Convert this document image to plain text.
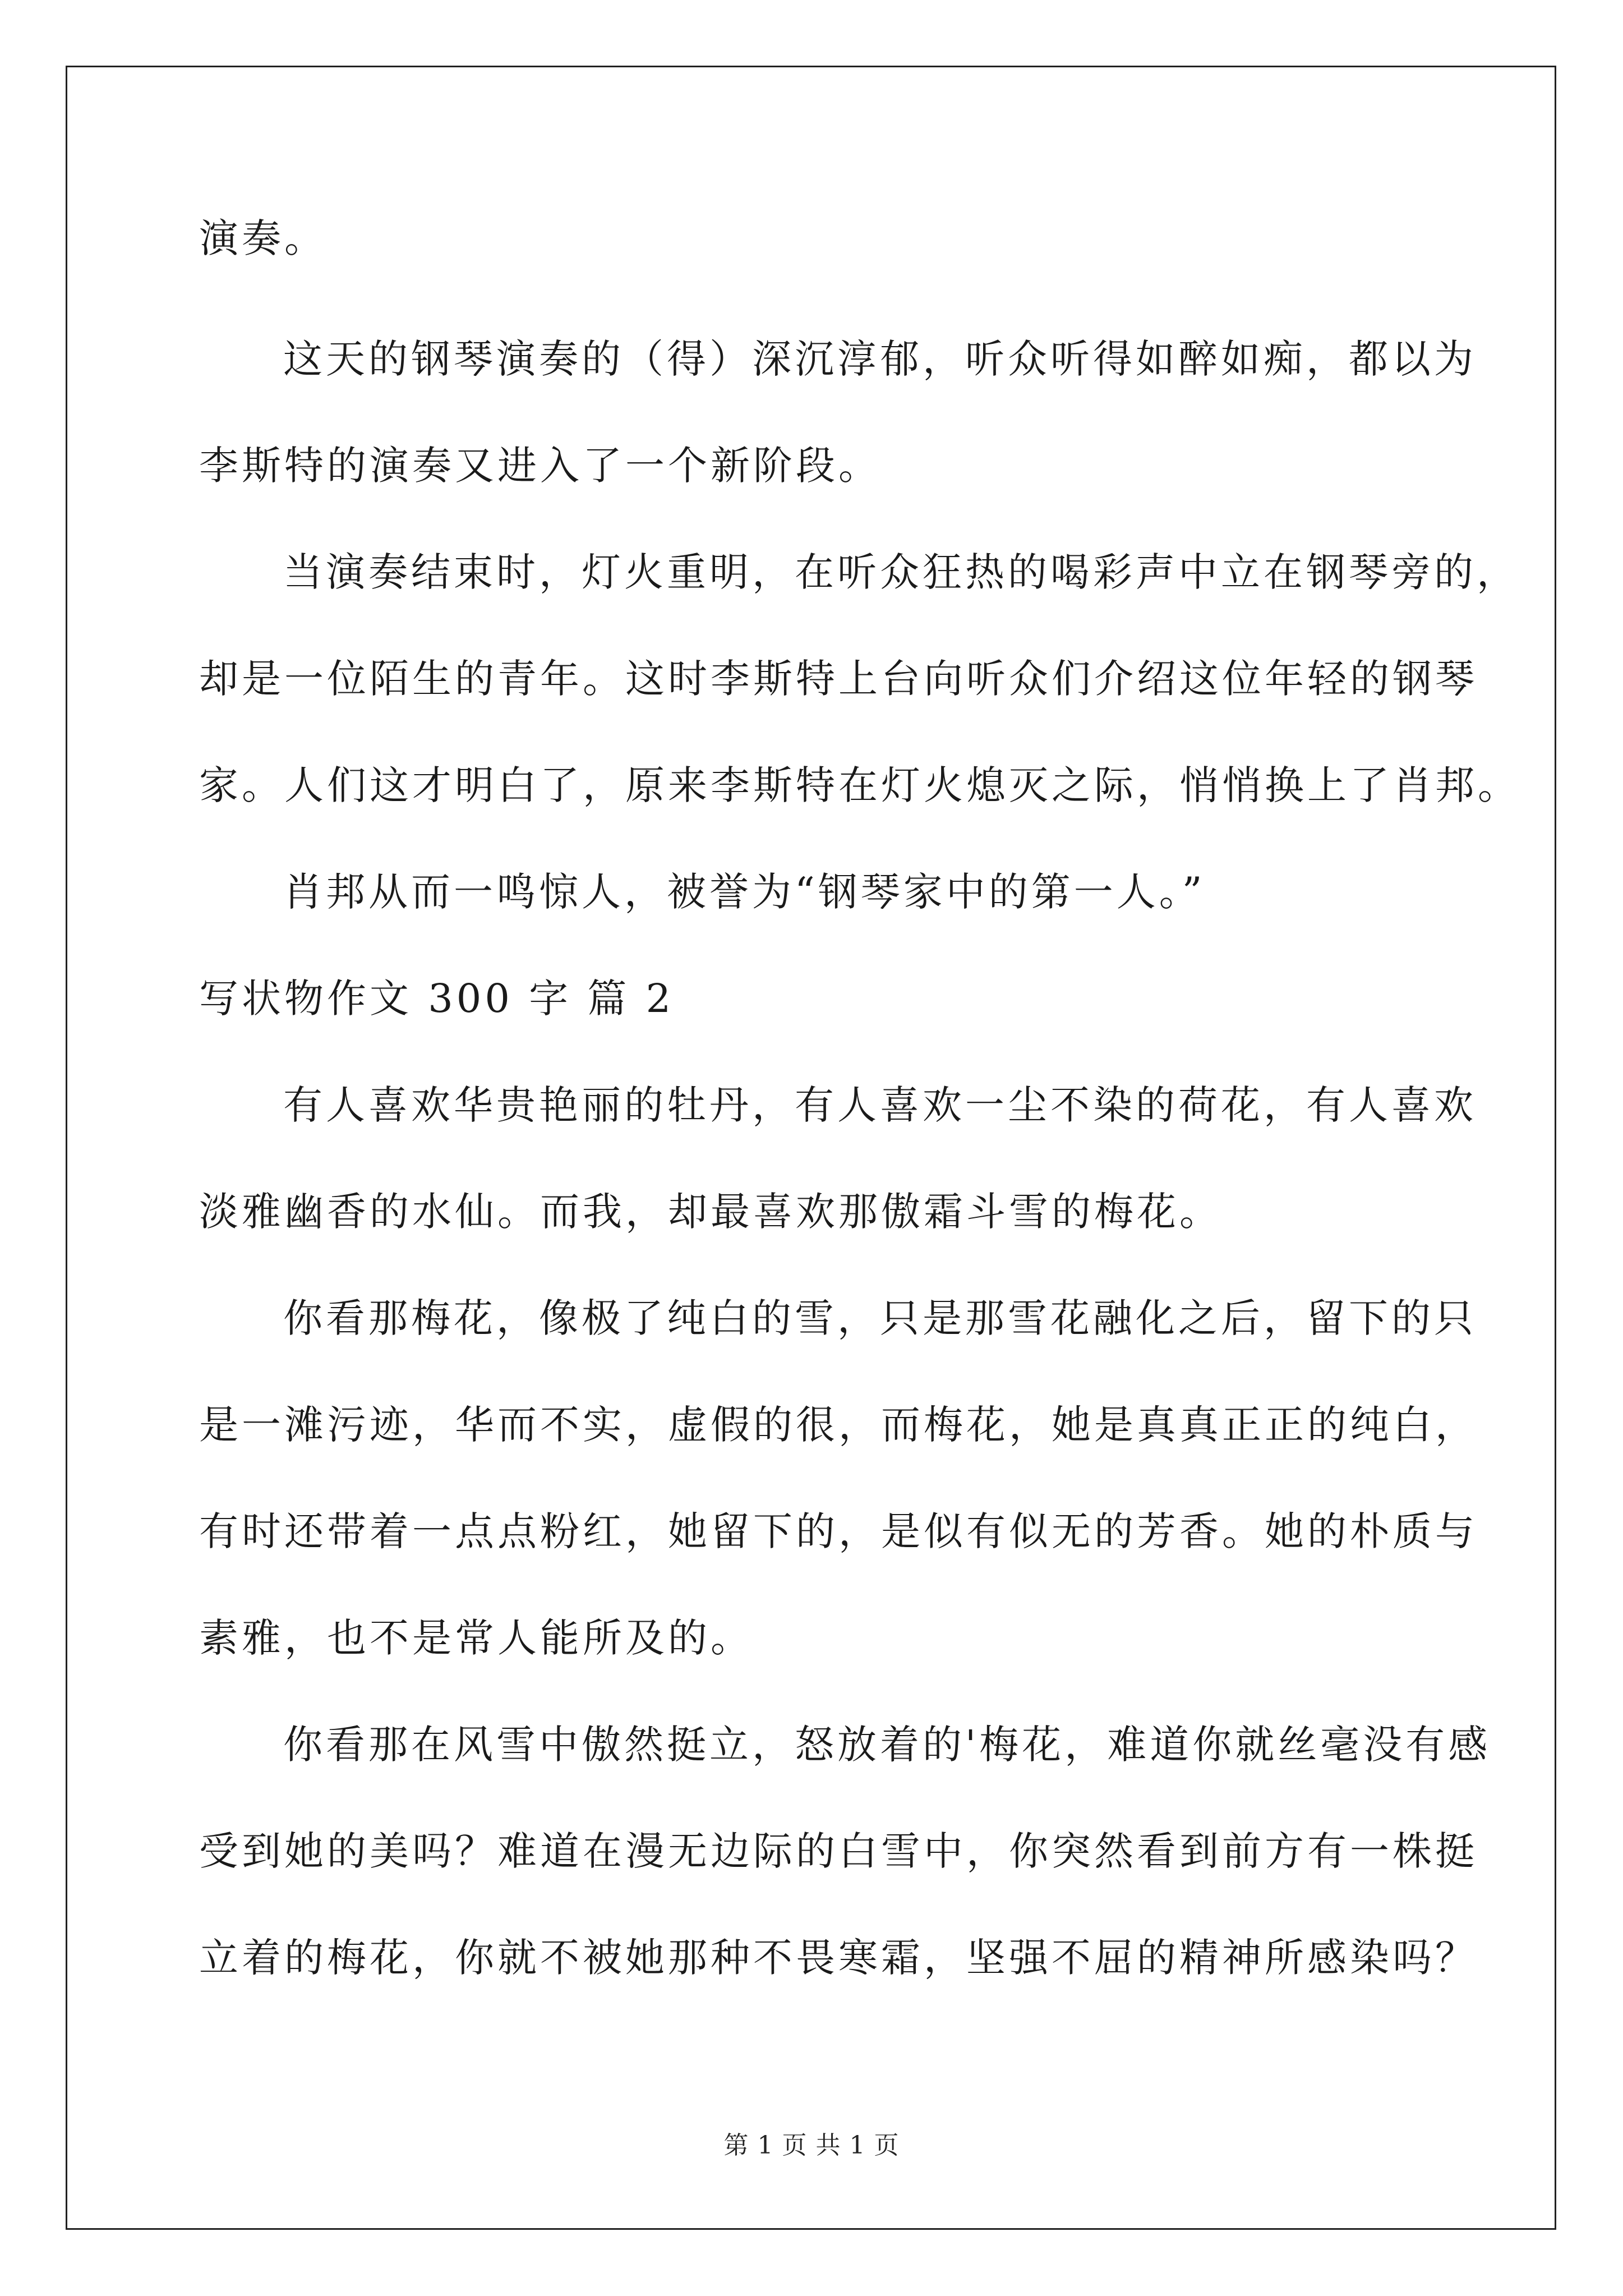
演奏。
这天的钢琴演奏的（得）深沉淳郁，听众听得如醉如痴，都以为
李斯特的演奏又进入了一个新阶段。
当演奏结束时，灯火重明，在听众狂热的喝彩声中立在钢琴旁的，
却是一位陌生的青年。这时李斯特上台向听众们介绍这位年轻的钢琴
家。人们这才明白了，原来李斯特在灯火熄灭之际，悄悄换上了肖邦。
肖邦从而一鸣惊人，被誉为“钢琴家中的第一人。”
写状物作文 300 字 篇 2
有人喜欢华贵艳丽的牡丹，有人喜欢一尘不染的荷花，有人喜欢
淡雅幽香的水仙。而我，却最喜欢那傲霜斗雪的梅花。
你看那梅花，像极了纯白的雪，只是那雪花融化之后，留下的只
是一滩污迹，华而不实，虚假的很，而梅花，她是真真正正的纯白，
有时还带着一点点粉红，她留下的，是似有似无的芳香。她的朴质与
素雅，也不是常人能所及的。
你看那在风雪中傲然挺立，怒放着的'梅花，难道你就丝毫没有感
受到她的美吗？难道在漫无边际的白雪中，你突然看到前方有一株挺
立着的梅花，你就不被她那种不畏寒霜，坚强不屈的精神所感染吗？
第 1 页 共 1 页
